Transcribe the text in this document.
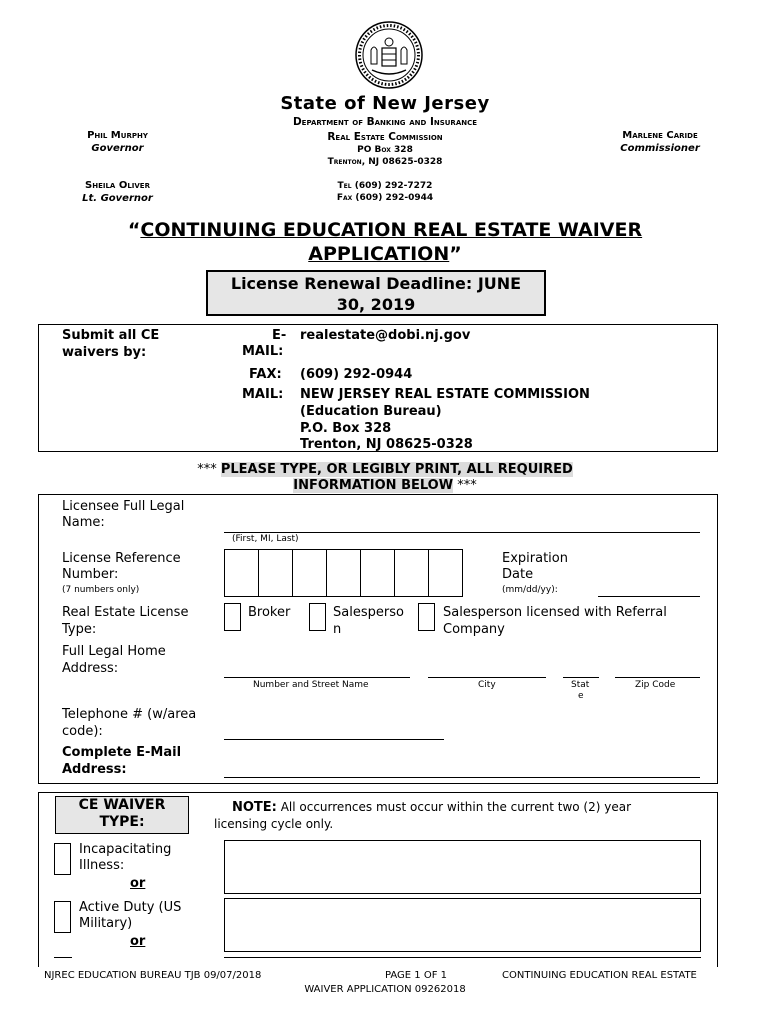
State of New Jersey
Department of Banking and Insurance
Real Estate Commission
PO Box 328
Trenton, NJ 08625-0328
Tel (609) 292-7272
Fax (609) 292-0944
Phil Murphy
Governor
Sheila Oliver
Lt. Governor
Marlene Caride
Commissioner
“CONTINUING EDUCATION REAL ESTATE WAIVER
APPLICATION”
License Renewal Deadline: JUNE
30, 2019
Submit all CE
waivers by:
E-
MAIL:
realestate@dobi.nj.gov
FAX: (609) 292-0944
MAIL: NEW JERSEY REAL ESTATE COMMISSION
(Education Bureau)
P.O. Box 328
Trenton, NJ 08625-0328
*** PLEASE TYPE, OR LEGIBLY PRINT, ALL REQUIRED
INFORMATION BELOW ***
Licensee Full Legal
Name:
(First, MI, Last)
License Reference
Number:
(7 numbers only)
Expiration
Date
(mm/dd/yy):
Real Estate License
Type:
Broker	Salesperso
n
Salesperson licensed with Referral
Company
Full Legal Home
Address:
Number and Street Name	City	Stat
e
Zip Code
Telephone # (w/area
code):
Complete E-Mail
Address:
CE WAIVER
TYPE:
NOTE: All occurrences must occur within the current two (2) year
licensing cycle only.
Incapacitating
Illness:
or
Active Duty (US
Military)
or
NJREC EDUCATION BUREAU TJB 09/07/2018	PAGE 1 OF 1	CONTINUING EDUCATION REAL ESTATE
WAIVER APPLICATION 09262018
